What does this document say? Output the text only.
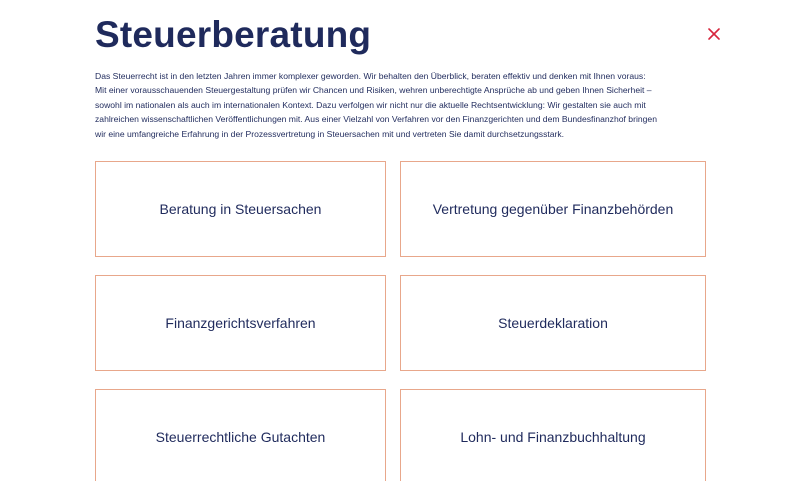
Steuerberatung

Das Steuerrecht ist in den letzten Jahren immer komplexer geworden. Wir behalten den Überblick, beraten effektiv und denken mit Ihnen voraus:
Mit einer vorausschauenden Steuergestaltung prüfen wir Chancen und Risiken, wehren unberechtigte Ansprüche ab und geben Ihnen Sicherheit –
sowohl im nationalen als auch im internationalen Kontext. Dazu verfolgen wir nicht nur die aktuelle Rechtsentwicklung: Wir gestalten sie auch mit
zahlreichen wissenschaftlichen Veröffentlichungen mit. Aus einer Vielzahl von Verfahren vor den Finanzgerichten und dem Bundesfinanzhof bringen
wir eine umfangreiche Erfahrung in der Prozessvertretung in Steuersachen mit und vertreten Sie damit durchsetzungsstark.

Beratung in Steuersachen	Vertretung gegenüber Finanzbehörden
Finanzgerichtsverfahren	Steuerdeklaration
Steuerrechtliche Gutachten	Lohn- und Finanzbuchhaltung
